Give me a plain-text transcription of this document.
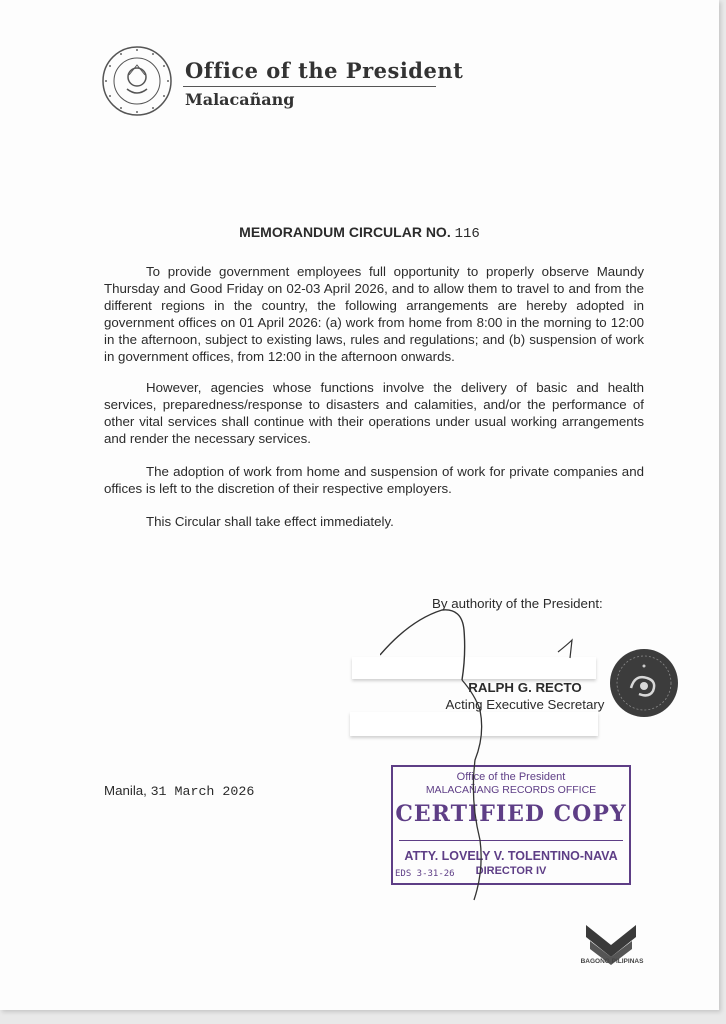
Office of the President
Malacañang
MEMORANDUM CIRCULAR NO. 116

To provide government employees full opportunity to properly observe Maundy Thursday and Good Friday on 02-03 April 2026, and to allow them to travel to and from the different regions in the country, the following arrangements are hereby adopted in government offices on 01 April 2026: (a) work from home from 8:00 in the morning to 12:00 in the afternoon, subject to existing laws, rules and regulations; and (b) suspension of work in government offices, from 12:00 in the afternoon onwards.

However, agencies whose functions involve the delivery of basic and health services, preparedness/response to disasters and calamities, and/or the performance of other vital services shall continue with their operations under usual working arrangements and render the necessary services.

The adoption of work from home and suspension of work for private companies and offices is left to the discretion of their respective employers.

This Circular shall take effect immediately.

By authority of the President:
RALPH G. RECTO
Acting Executive Secretary
Manila, 31 March 2026
Office of the President
MALACAÑANG RECORDS OFFICE
CERTIFIED COPY
ATTY. LOVELY V. TOLENTINO-NAVA
DIRECTOR IV
EDS 3-31-26
BAGONG PILIPINAS
